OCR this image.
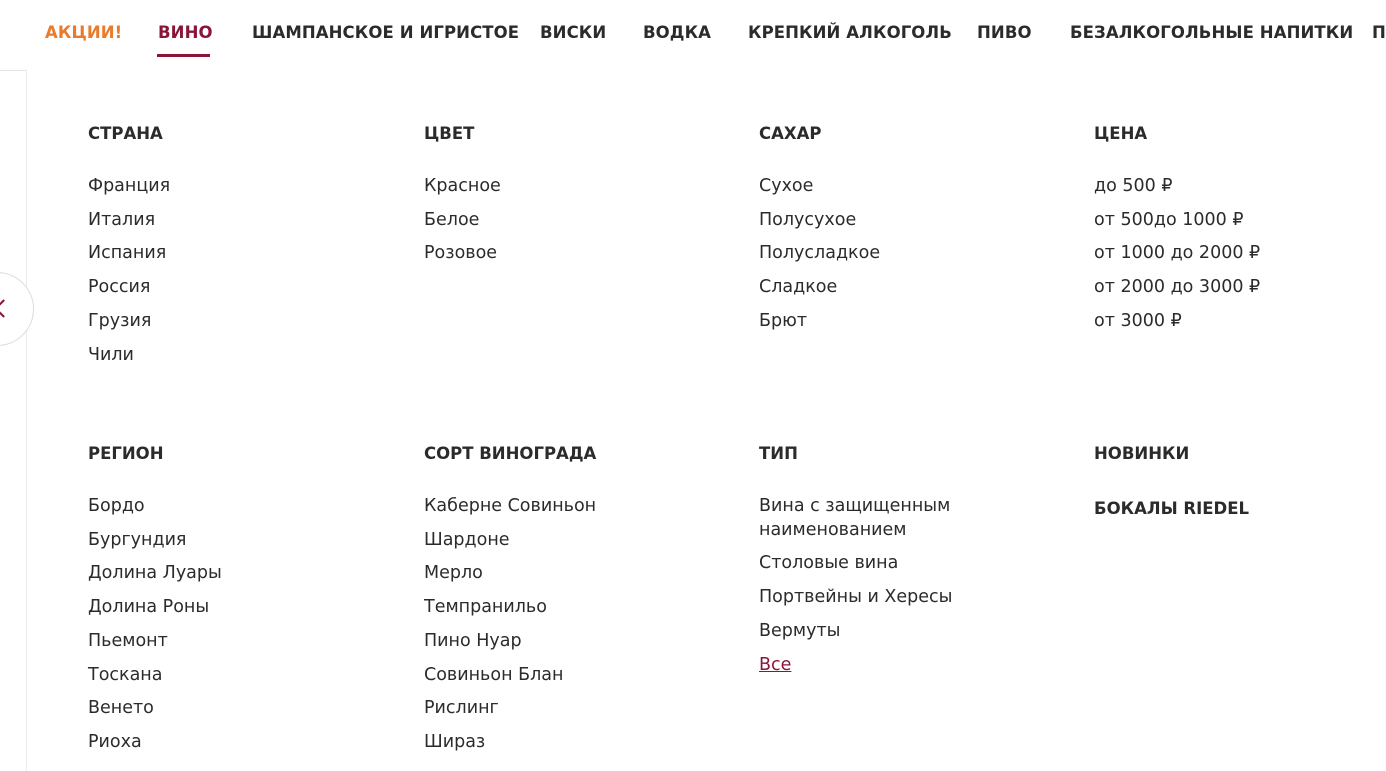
АКЦИИ! ВИНО ШАМПАНСКОЕ И ИГРИСТОЕ ВИСКИ ВОДКА КРЕПКИЙ АЛКОГОЛЬ ПИВО БЕЗАЛКОГОЛЬНЫЕ НАПИТКИ П
СТРАНА
Франция
Италия
Испания
Россия
Грузия
Чили
ЦВЕТ
Красное
Белое
Розовое
САХАР
Сухое
Полусухое
Полусладкое
Сладкое
Брют
ЦЕНА
до 500 ₽
от 500до 1000 ₽
от 1000 до 2000 ₽
от 2000 до 3000 ₽
от 3000 ₽
РЕГИОН
Бордо
Бургундия
Долина Луары
Долина Роны
Пьемонт
Тоскана
Венето
Риоха
СОРТ ВИНОГРАДА
Каберне Совиньон
Шардоне
Мерло
Темпранильо
Пино Нуар
Совиньон Блан
Рислинг
Шираз
ТИП
Вина с защищенным наименованием
Столовые вина
Портвейны и Хересы
Вермуты
Все
НОВИНКИ
БОКАЛЫ RIEDEL
